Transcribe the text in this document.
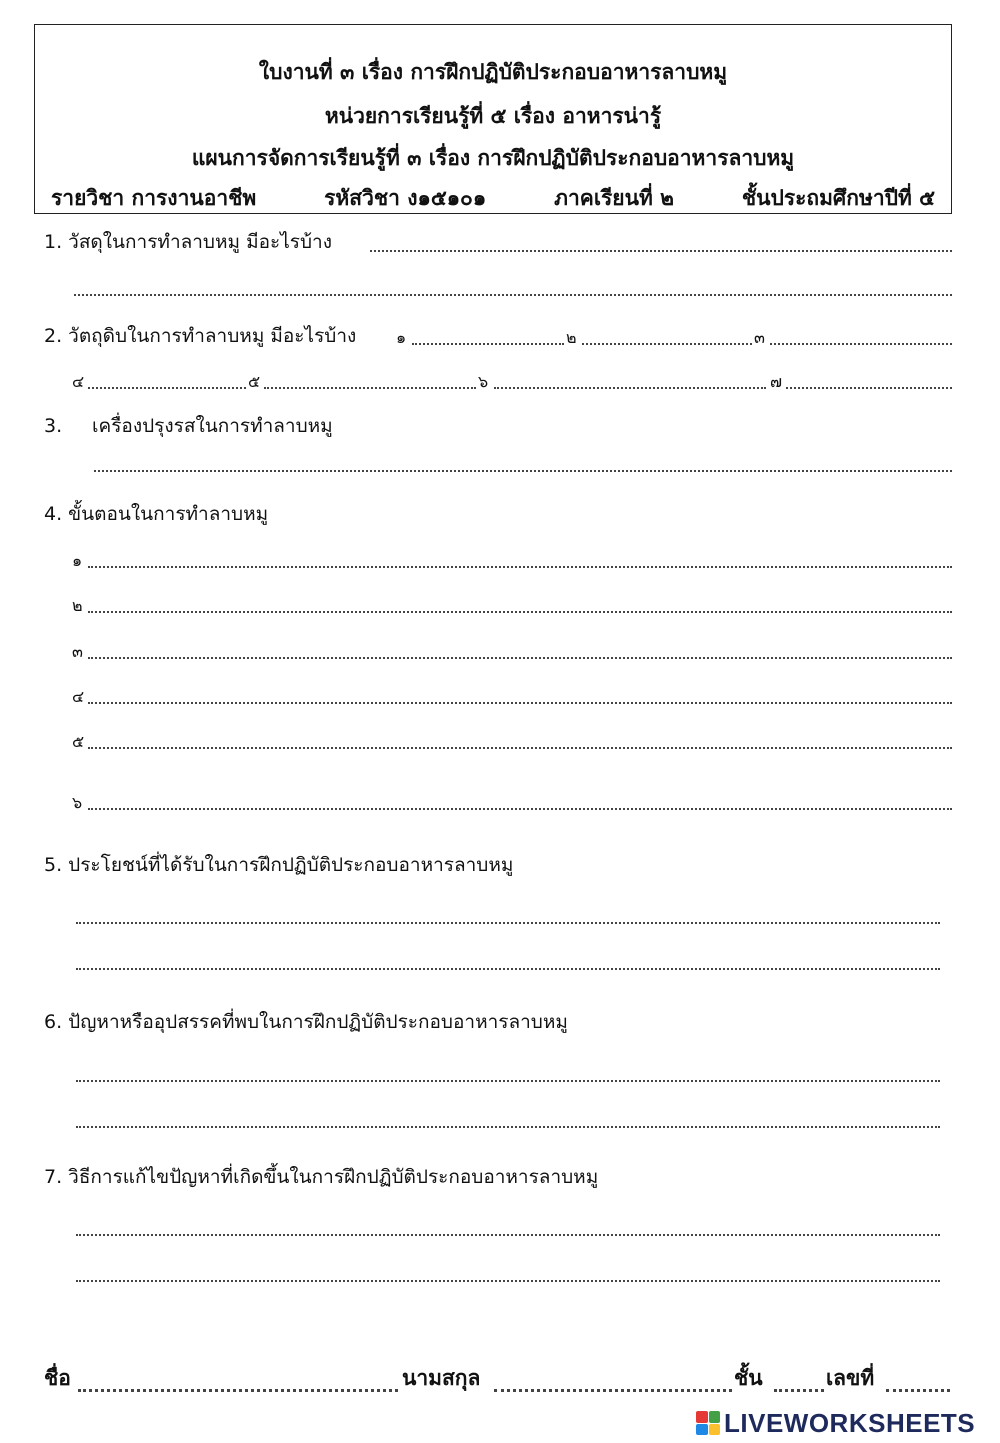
ใบงานที่ ๓ เรื่อง การฝึกปฏิบัติประกอบอาหารลาบหมู
หน่วยการเรียนรู้ที่ ๕ เรื่อง อาหารน่ารู้
แผนการจัดการเรียนรู้ที่ ๓ เรื่อง การฝึกปฏิบัติประกอบอาหารลาบหมู
รายวิชา การงานอาชีพ	รหัสวิชา ง๑๕๑๐๑	ภาคเรียนที่ ๒	ชั้นประถมศึกษาปีที่ ๕
1. วัสดุในการทำลาบหมู มีอะไรบ้าง
2. วัตถุดิบในการทำลาบหมู มีอะไรบ้าง ๑	๒	๓
๔	๕	๖	๗
3. เครื่องปรุงรสในการทำลาบหมู
4. ขั้นตอนในการทำลาบหมู
๑
๒
๓
๔
๕
๖
5. ประโยชน์ที่ได้รับในการฝึกปฏิบัติประกอบอาหารลาบหมู
6. ปัญหาหรืออุปสรรคที่พบในการฝึกปฏิบัติประกอบอาหารลาบหมู
7. วิธีการแก้ไขปัญหาที่เกิดขึ้นในการฝึกปฏิบัติประกอบอาหารลาบหมู
ชื่อ	นามสกุล	ชั้น	เลขที่
LIVEWORKSHEETS
